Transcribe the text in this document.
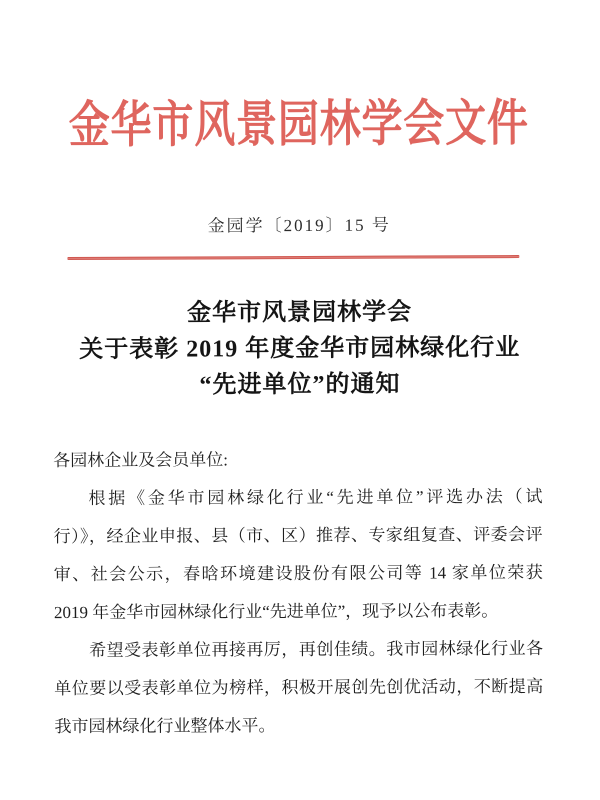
金华市风景园林学会文件
金园学〔2019〕15 号
金华市风景园林学会
关于表彰 2019 年度金华市园林绿化行业
“先进单位”的通知
各园林企业及会员单位:
根据《金华市园林绿化行业“先进单位”评选办法（试
行）》，经企业申报、县（市、区）推荐、专家组复查、评委会评
审、社会公示，春晗环境建设股份有限公司等 14 家单位荣获
2019 年金华市园林绿化行业“先进单位”，现予以公布表彰。
希望受表彰单位再接再厉，再创佳绩。我市园林绿化行业各
单位要以受表彰单位为榜样，积极开展创先创优活动，不断提高
我市园林绿化行业整体水平。
